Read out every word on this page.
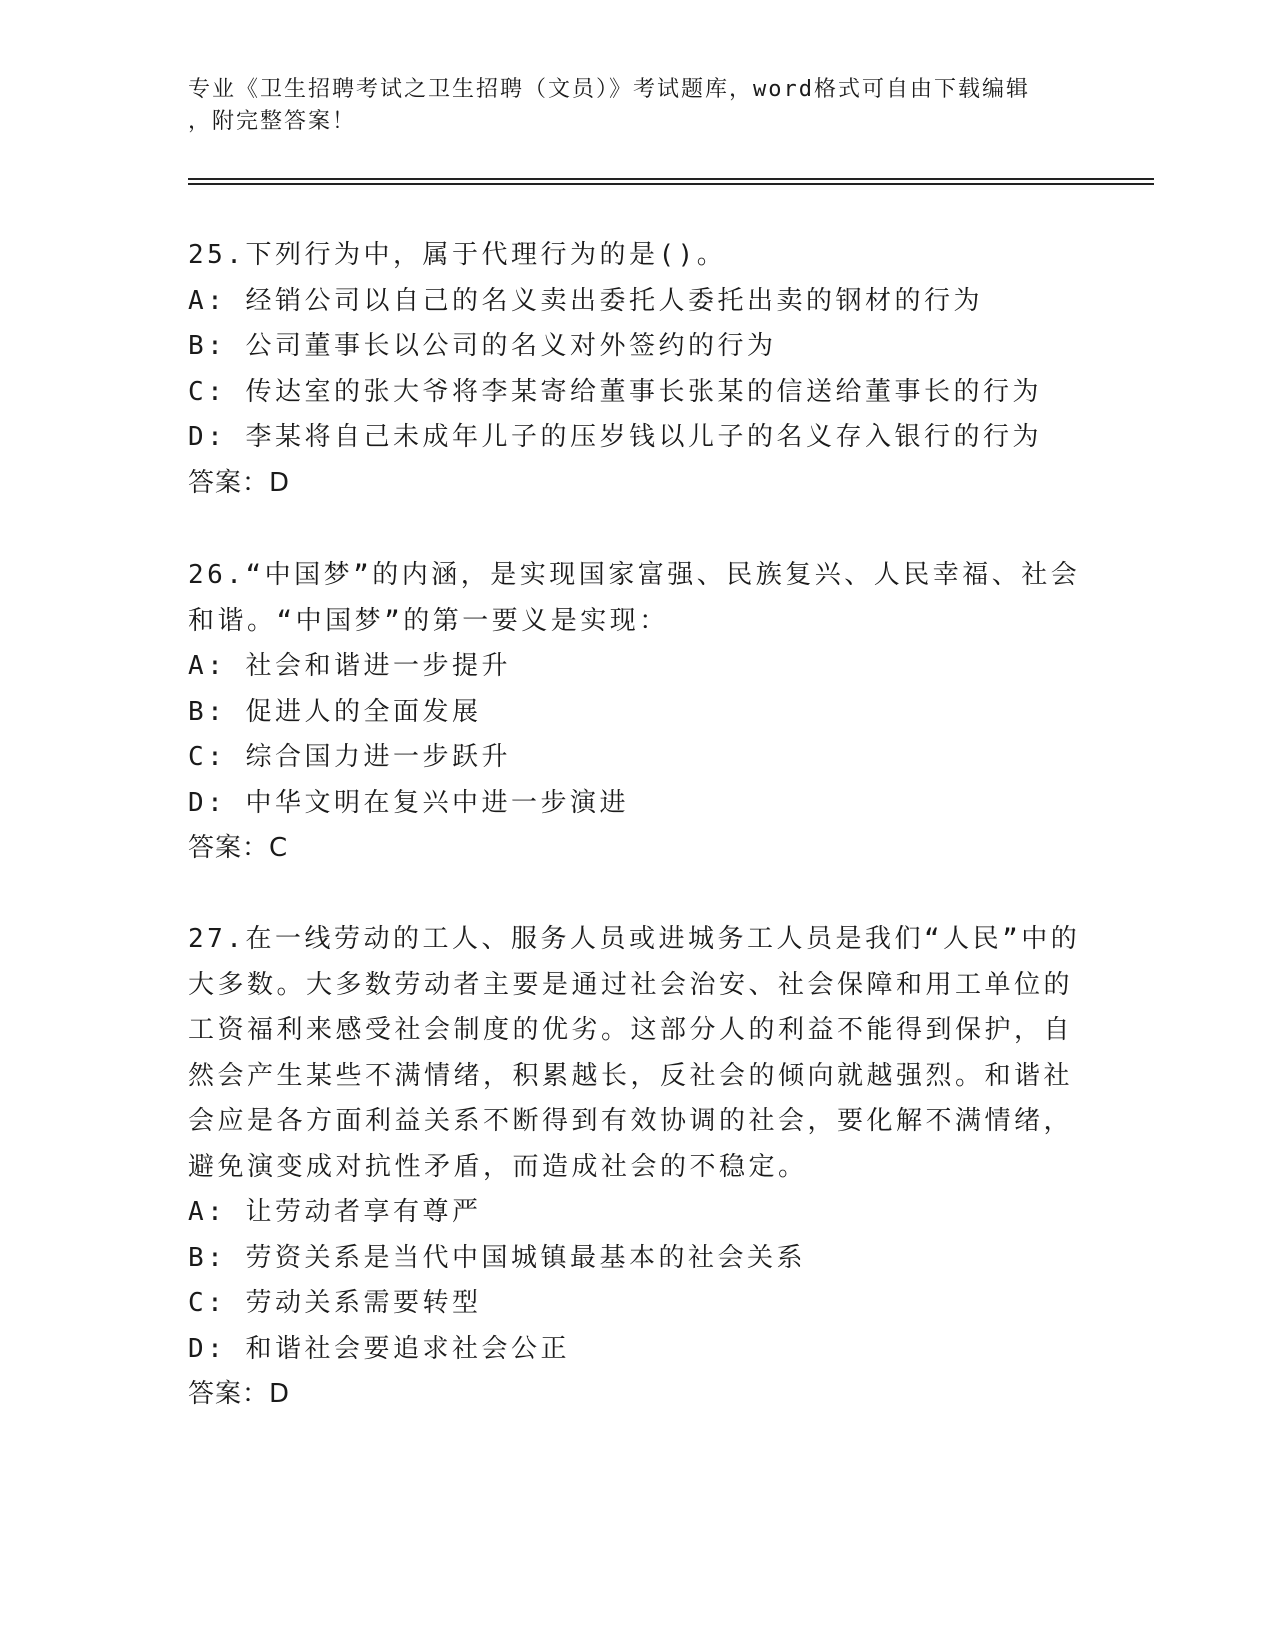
专业《卫生招聘考试之卫生招聘（文员）》考试题库，word格式可自由下载编辑
，附完整答案！
25.下列行为中，属于代理行为的是()。
A: 经销公司以自己的名义卖出委托人委托出卖的钢材的行为
B: 公司董事长以公司的名义对外签约的行为
C: 传达室的张大爷将李某寄给董事长张某的信送给董事长的行为
D: 李某将自己未成年儿子的压岁钱以儿子的名义存入银行的行为
答案：D
26.“中国梦”的内涵，是实现国家富强、民族复兴、人民幸福、社会
和谐。“中国梦”的第一要义是实现：
A: 社会和谐进一步提升
B: 促进人的全面发展
C: 综合国力进一步跃升
D: 中华文明在复兴中进一步演进
答案：C
27.在一线劳动的工人、服务人员或进城务工人员是我们“人民”中的
大多数。大多数劳动者主要是通过社会治安、社会保障和用工单位的
工资福利来感受社会制度的优劣。这部分人的利益不能得到保护，自
然会产生某些不满情绪，积累越长，反社会的倾向就越强烈。和谐社
会应是各方面利益关系不断得到有效协调的社会，要化解不满情绪，
避免演变成对抗性矛盾，而造成社会的不稳定。
A: 让劳动者享有尊严
B: 劳资关系是当代中国城镇最基本的社会关系
C: 劳动关系需要转型
D: 和谐社会要追求社会公正
答案：D
